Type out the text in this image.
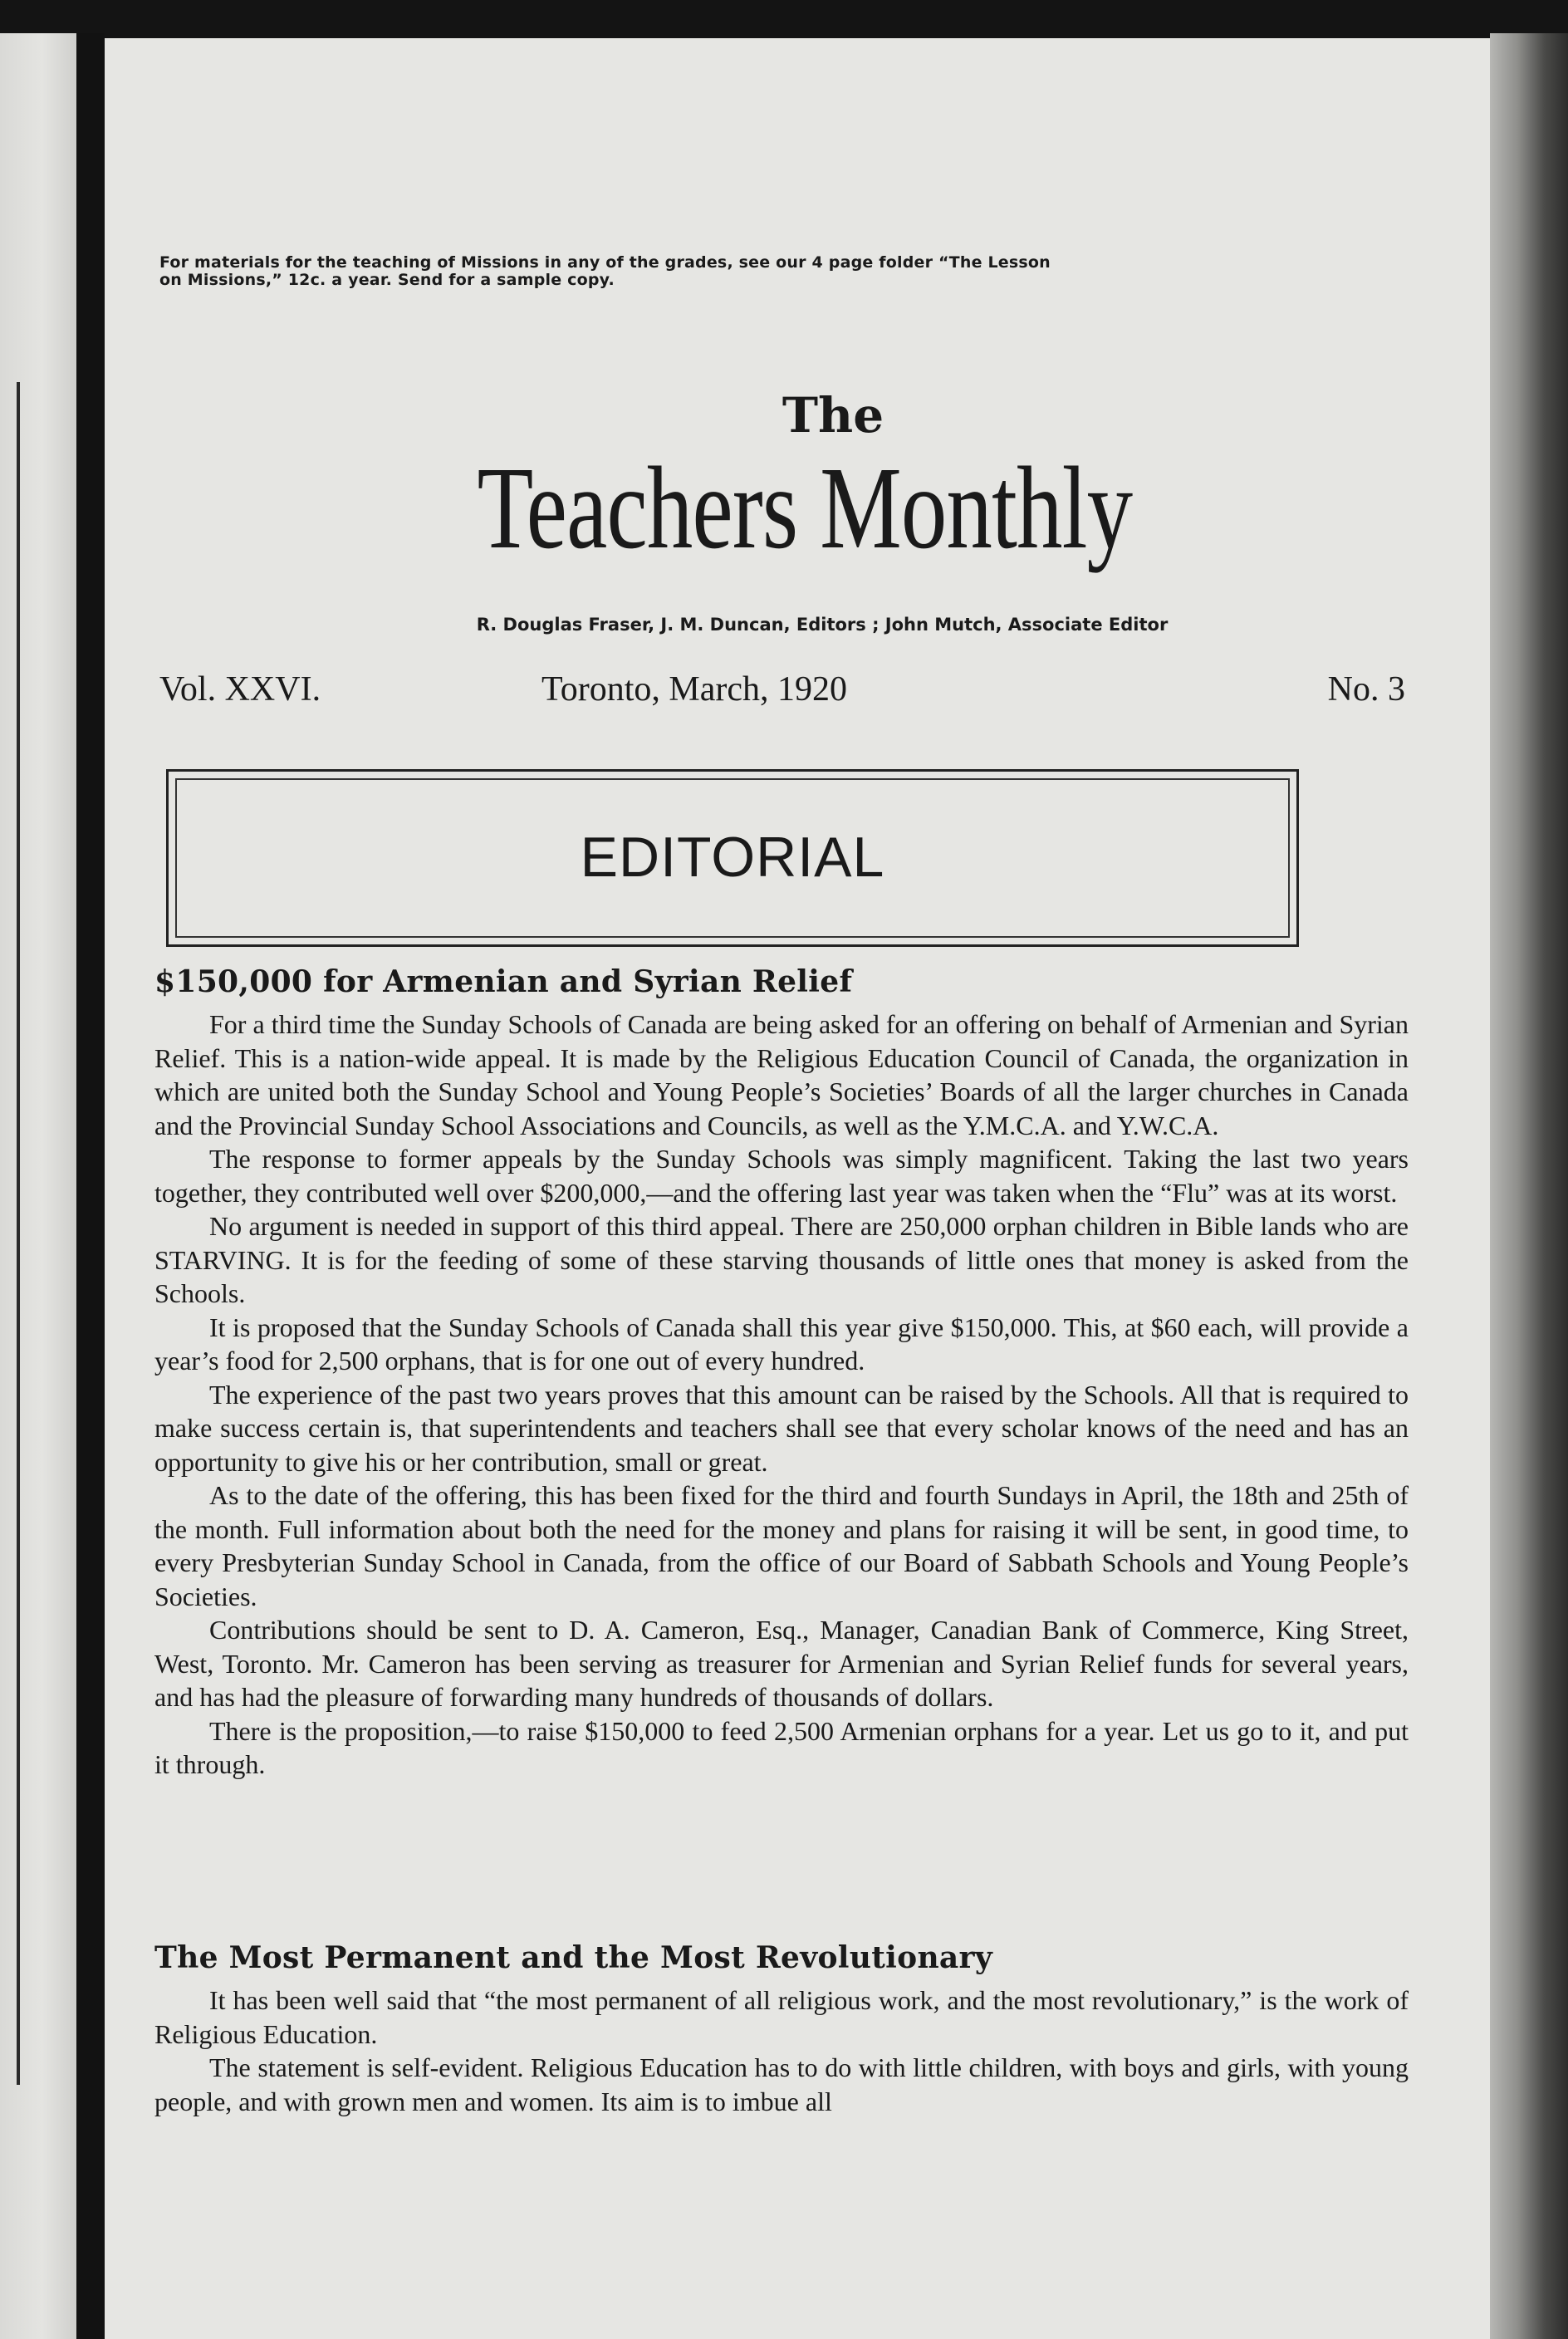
For materials for the teaching of Missions in any of the grades, see our 4 page folder “The Lesson
on Missions,” 12c. a year. Send for a sample copy.
The
Teachers Monthly
R. Douglas Fraser, J. M. Duncan, Editors ; John Mutch, Associate Editor
Vol. XXVI.	Toronto, March, 1920	No. 3
EDITORIAL
$150,000 for Armenian and Syrian Relief

For a third time the Sunday Schools of Canada are being asked for an offering on behalf of Armenian and Syrian Relief. This is a nation-wide appeal. It is made by the Religious Education Council of Canada, the organization in which are united both the Sunday School and Young People’s Societies’ Boards of all the larger churches in Canada and the Provincial Sunday School Associations and Councils, as well as the Y.M.C.A. and Y.W.C.A.

The response to former appeals by the Sunday Schools was simply magnificent. Taking the last two years together, they contributed well over $200,000,—and the offering last year was taken when the “Flu” was at its worst.

No argument is needed in support of this third appeal. There are 250,000 orphan children in Bible lands who are STARVING. It is for the feeding of some of these starving thousands of little ones that money is asked from the Schools.

It is proposed that the Sunday Schools of Canada shall this year give $150,000. This, at $60 each, will provide a year’s food for 2,500 orphans, that is for one out of every hundred.

The experience of the past two years proves that this amount can be raised by the Schools. All that is required to make success certain is, that superintendents and teachers shall see that every scholar knows of the need and has an opportunity to give his or her contribution, small or great.

As to the date of the offering, this has been fixed for the third and fourth Sundays in April, the 18th and 25th of the month. Full information about both the need for the money and plans for raising it will be sent, in good time, to every Presbyterian Sunday School in Canada, from the office of our Board of Sabbath Schools and Young People’s Societies.

Contributions should be sent to D. A. Cameron, Esq., Manager, Canadian Bank of Commerce, King Street, West, Toronto. Mr. Cameron has been serving as treasurer for Armenian and Syrian Relief funds for several years, and has had the pleasure of forwarding many hundreds of thousands of dollars.

There is the proposition,—to raise $150,000 to feed 2,500 Armenian orphans for a year. Let us go to it, and put it through.

The Most Permanent and the Most Revolutionary

It has been well said that “the most permanent of all religious work, and the most revolutionary,” is the work of Religious Education.

The statement is self-evident. Religious Education has to do with little children, with boys and girls, with young people, and with grown men and women. Its aim is to imbue all
